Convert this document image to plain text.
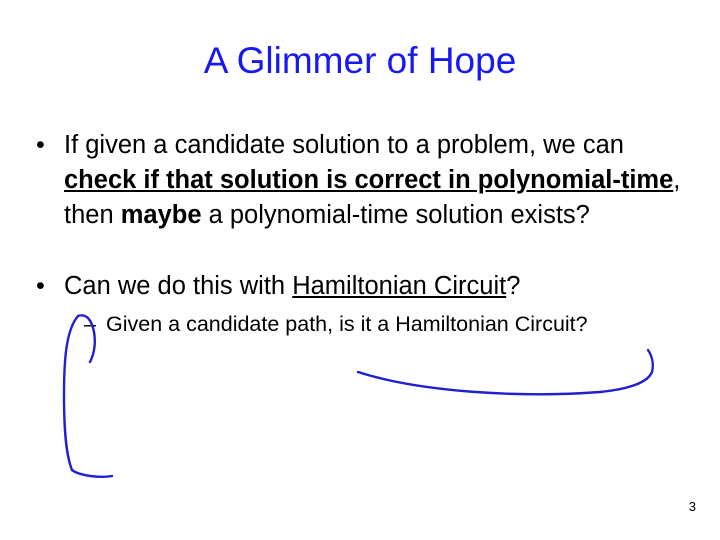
A Glimmer of Hope
• If given a candidate solution to a problem, we can check if that solution is correct in polynomial-time, then maybe a polynomial-time solution exists?
• Can we do this with Hamiltonian Circuit?
– Given a candidate path, is it a Hamiltonian Circuit?
3
